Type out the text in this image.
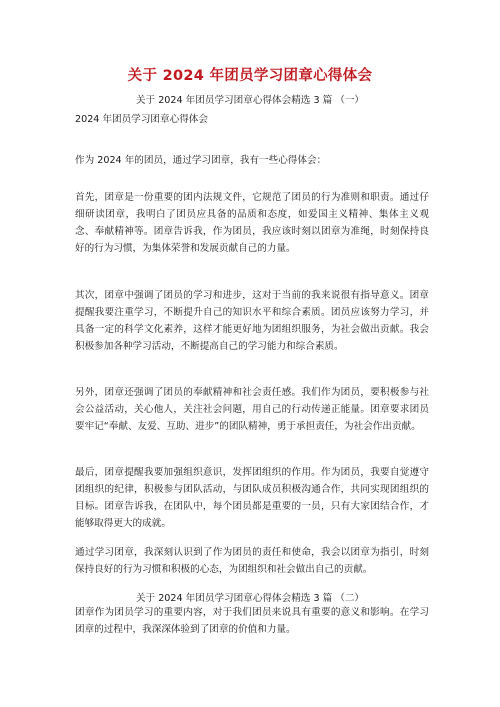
关于 2024 年团员学习团章心得体会
关于 2024 年团员学习团章心得体会精选 3 篇 （一）
2024 年团员学习团章心得体会
作为 2024 年的团员，通过学习团章，我有一些心得体会：
首先，团章是一份重要的团内法规文件，它规范了团员的行为准则和职责。通过仔细研读团章，我明白了团员应具备的品质和态度，如爱国主义精神、集体主义观念、奉献精神等。团章告诉我，作为团员，我应该时刻以团章为准绳，时刻保持良好的行为习惯，为集体荣誉和发展贡献自己的力量。
其次，团章中强调了团员的学习和进步，这对于当前的我来说很有指导意义。团章提醒我要注重学习，不断提升自己的知识水平和综合素质。团员应该努力学习，并具备一定的科学文化素养，这样才能更好地为团组织服务，为社会做出贡献。我会积极参加各种学习活动，不断提高自己的学习能力和综合素质。
另外，团章还强调了团员的奉献精神和社会责任感。我们作为团员，要积极参与社会公益活动，关心他人，关注社会问题，用自己的行动传递正能量。团章要求团员要牢记“奉献、友爱、互助、进步”的团队精神，勇于承担责任，为社会作出贡献。
最后，团章提醒我要加强组织意识，发挥团组织的作用。作为团员，我要自觉遵守团组织的纪律，积极参与团队活动，与团队成员积极沟通合作，共同实现团组织的目标。团章告诉我，在团队中，每个团员都是重要的一员，只有大家团结合作，才能够取得更大的成就。
通过学习团章，我深刻认识到了作为团员的责任和使命，我会以团章为指引，时刻保持良好的行为习惯和积极的心态，为团组织和社会做出自己的贡献。
关于 2024 年团员学习团章心得体会精选 3 篇 （二）
团章作为团员学习的重要内容，对于我们团员来说具有重要的意义和影响。在学习团章的过程中，我深深体验到了团章的价值和力量。
